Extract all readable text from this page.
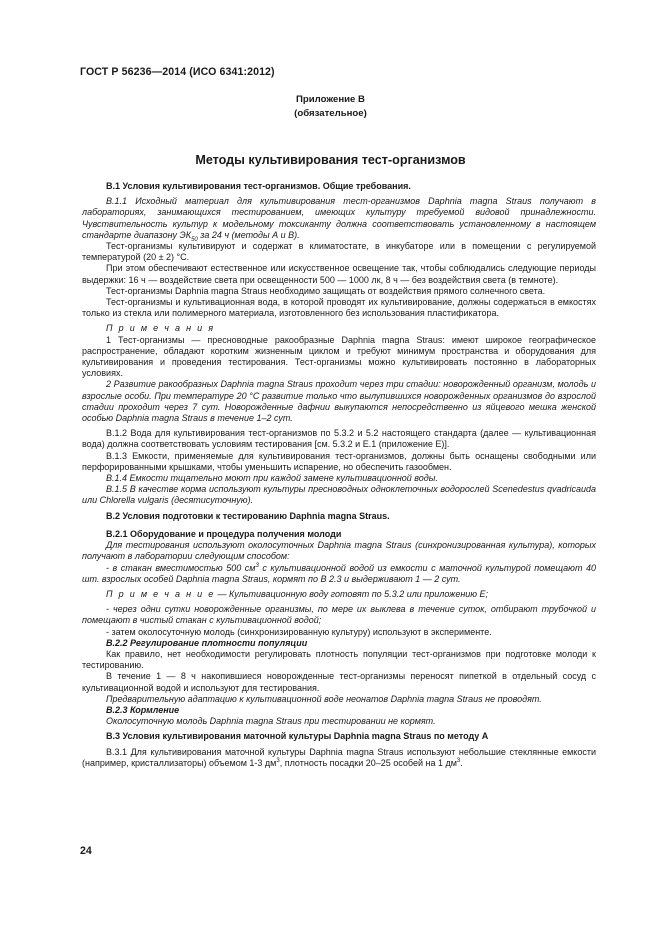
ГОСТ Р 56236—2014 (ИСО 6341:2012)
Приложение В
(обязательное)
Методы культивирования тест-организмов

В.1 Условия культивирования тест-организмов. Общие требования.

В.1.1 Исходный материал для культивирования тест-организмов Daphnia magna Straus получают в лабораториях, занимающихся тестированием, имеющих культуру требуемой видовой принадлежности. Чувствительность культур к модельному токсиканту должна соответствовать установленному в настоящем стандарте диапазону $ЭК_{50}$ за 24 ч (методы А и В).

Тест-организмы культивируют и содержат в климатостате, в инкубаторе или в помещении с регулируемой температурой (20 ± 2) °С.

При этом обеспечивают естественное или искусственное освещение так, чтобы соблюдались следующие периоды выдержки: 16 ч — воздействие света при освещенности 500 — 1000 лк, 8 ч — без воздействия света (в темноте).

Тест-организмы Daphnia magna Straus необходимо защищать от воздействия прямого солнечного света.

Тест-организмы и культивационная вода, в которой проводят их культивирование, должны содержаться в емкостях только из стекла или полимерного материала, изготовленного без использования пластификатора.

П р и м е ч а н и я

1 Тест-организмы — пресноводные ракообразные Daphnia magna Straus: имеют широкое географическое распространение, обладают коротким жизненным циклом и требуют минимум пространства и оборудования для культивирования и проведения тестирования. Тест-организмы можно культивировать постоянно в лабораторных условиях.

2 Развитие ракообразных Daphnia magna Straus проходит через три стадии: новорожденный организм, молодь и взрослые особи. При температуре 20 °С развитие только что вылупившихся новорожденных организмов до взрослой стадии проходит через 7 сут. Новорожденные дафнии выкупаются непосредственно из яйцевого мешка женской особью Daphnia magna Straus в течение 1–2 сут.

В.1.2 Вода для культивирования тест-организмов по 5.3.2 и 5.2 настоящего стандарта (далее — культивационная вода) должна соответствовать условиям тестирования [см. 5.3.2 и Е.1 (приложение Е)].

В.1.3 Емкости, применяемые для культивирования тест-организмов, должны быть оснащены свободными или перфорированными крышками, чтобы уменьшить испарение, но обеспечить газообмен.

В.1.4 Емкости тщательно моют при каждой замене культивационной воды.

В.1.5 В качестве корма используют культуры пресноводных одноклеточных водорослей Scenedestus qvadricauda или Chlorella vulgaris (десятисуточную).

В.2 Условия подготовки к тестированию Daphnia magna Straus.

В.2.1 Оборудование и процедура получения молоди

Для тестирования используют околосуточных Daphnia magna Straus (синхронизированная культура), которых получают в лаборатории следующим способом:

- в стакан вместимостью 500 $см^3$ с культивационной водой из емкости с маточной культурой помещают 40 шт. взрослых особей Daphnia magna Straus, кормят по В 2.3 и выдерживают 1 — 2 сут.

П р и м е ч а н и е — Культивационную воду готовят по 5.3.2 или приложению Е;

- через одни сутки новорожденные организмы, по мере их выклева в течение суток, отбирают трубочкой и помещают в чистый стакан с культивационной водой;

- затем околосуточную молодь (синхронизированную культуру) используют в эксперименте.

В.2.2 Регулирование плотности популяции

Как правило, нет необходимости регулировать плотность популяции тест-организмов при подготовке молоди к тестированию.

В течение 1 — 8 ч накопившиеся новорожденные тест-организмы переносят пипеткой в отдельный сосуд с культивационной водой и используют для тестирования.

Предварительную адаптацию к культивационной воде неонатов Daphnia magna Straus не проводят.

В.2.3 Кормление

Околосуточную молодь Daphnia magna Straus при тестировании не кормят.

В.3 Условия культивирования маточной культуры Daphnia magna Straus по методу А

В.3.1 Для культивирования маточной культуры Daphnia magna Straus используют небольшие стеклянные емкости (например, кристаллизаторы) объемом 1-3 $дм^3$, плотность посадки 20–25 особей на 1 $дм^3$.

24
